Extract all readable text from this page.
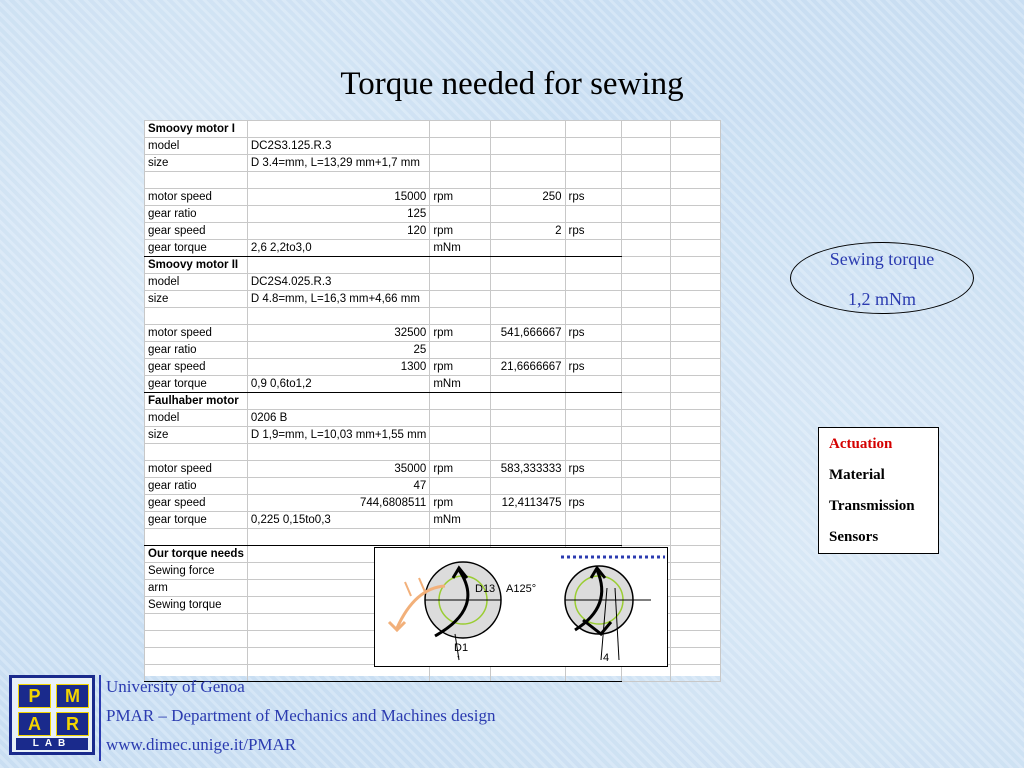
Torque needed for sewing
Smoovy motor I						
model	DC2S3.125.R.3					
size	D 3.4=mm, L=13,29 mm+1,7 mm					

motor speed	15000	rpm	250	rps		
gear ratio	125					
gear speed	120	rpm	2	rps		
gear torque	2,6 2,2to3,0	mNm				
Smoovy motor II						
model	DC2S4.025.R.3					
size	D 4.8=mm, L=16,3 mm+4,66 mm					

motor speed	32500	rpm	541,666667	rps		
gear ratio	25					
gear speed	1300	rpm	21,6666667	rps		
gear torque	0,9 0,6to1,2	mNm				
Faulhaber motor						
model	0206 B					
size	D 1,9=mm, L=10,03 mm+1,55 mm					

motor speed	35000	rpm	583,333333	rps		
gear ratio	47					
gear speed	744,6808511	rpm	12,4113475	rps		
gear torque	0,225 0,15to0,3	mNm				

Our torque needs						
Sewing force						
arm						
Sewing torque						

D13 A125°
D1
-	4
Sewing torque
1,2 mNm
Actuation
Material
Transmission
Sensors
P	M
A	R
LAB
University of Genoa
PMAR – Department of Mechanics and Machines design
www.dimec.unige.it/PMAR
